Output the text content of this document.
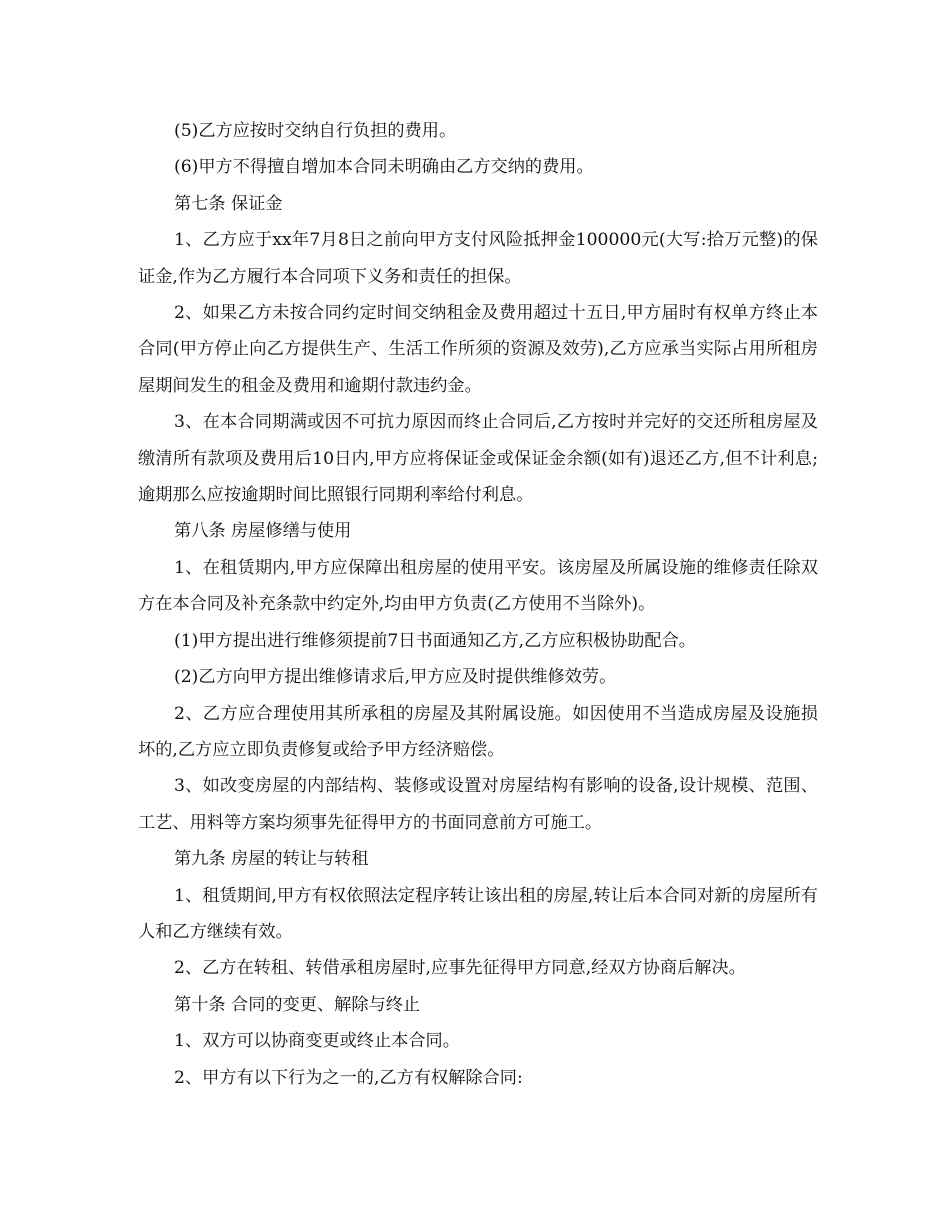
(5)乙方应按时交纳自行负担的费用。

(6)甲方不得擅自增加本合同未明确由乙方交纳的费用。

第七条 保证金

1、乙方应于xx年7月8日之前向甲方支付风险抵押金100000元(大写:拾万元整)的保证金,作为乙方履行本合同项下义务和责任的担保。

2、如果乙方未按合同约定时间交纳租金及费用超过十五日,甲方届时有权单方终止本合同(甲方停止向乙方提供生产、生活工作所须的资源及效劳),乙方应承当实际占用所租房屋期间发生的租金及费用和逾期付款违约金。

3、在本合同期满或因不可抗力原因而终止合同后,乙方按时并完好的交还所租房屋及缴清所有款项及费用后10日内,甲方应将保证金或保证金余额(如有)退还乙方,但不计利息;逾期那么应按逾期时间比照银行同期利率给付利息。

第八条 房屋修缮与使用

1、在租赁期内,甲方应保障出租房屋的使用平安。该房屋及所属设施的维修责任除双方在本合同及补充条款中约定外,均由甲方负责(乙方使用不当除外)。

(1)甲方提出进行维修须提前7日书面通知乙方,乙方应积极协助配合。

(2)乙方向甲方提出维修请求后,甲方应及时提供维修效劳。

2、乙方应合理使用其所承租的房屋及其附属设施。如因使用不当造成房屋及设施损坏的,乙方应立即负责修复或给予甲方经济赔偿。

3、如改变房屋的内部结构、装修或设置对房屋结构有影响的设备,设计规模、范围、工艺、用料等方案均须事先征得甲方的书面同意前方可施工。

第九条 房屋的转让与转租

1、租赁期间,甲方有权依照法定程序转让该出租的房屋,转让后本合同对新的房屋所有人和乙方继续有效。

2、乙方在转租、转借承租房屋时,应事先征得甲方同意,经双方协商后解决。

第十条 合同的变更、解除与终止

1、双方可以协商变更或终止本合同。

2、甲方有以下行为之一的,乙方有权解除合同:
